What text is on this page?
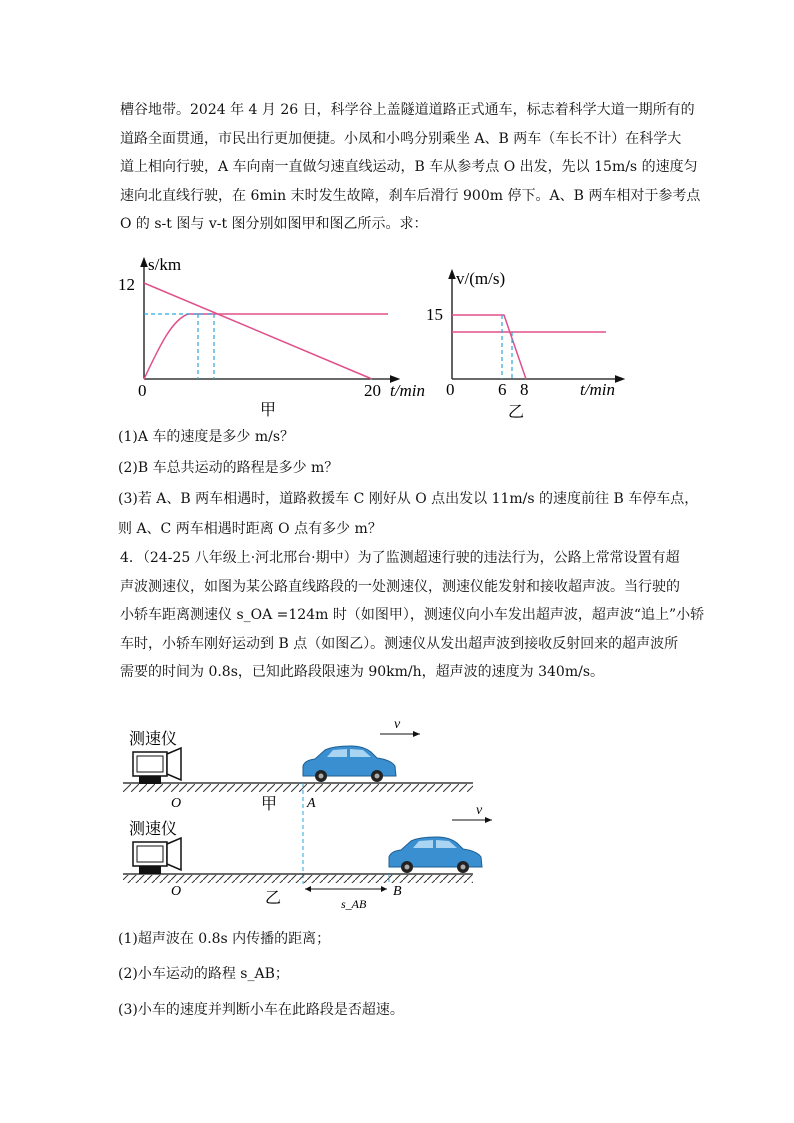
槽谷地带。2024 年 4 月 26 日，科学谷上盖隧道道路正式通车，标志着科学大道一期所有的
道路全面贯通，市民出行更加便捷。小凤和小鸣分别乘坐 A、B 两车（车长不计）在科学大
道上相向行驶，A 车向南一直做匀速直线运动，B 车从参考点 O 出发，先以 15m/s 的速度匀
速向北直线行驶，在 6min 末时发生故障，刹车后滑行 900m 停下。A、B 两车相对于参考点
O 的 s-t 图与 v-t 图分别如图甲和图乙所示。求：
s/km
12
0	20 t/min
甲
v/(m/s)
15
0	6 8	t/min
乙
(1)A 车的速度是多少 m/s？
(2)B 车总共运动的路程是多少 m？
(3)若 A、B 两车相遇时，道路救援车 C 刚好从 O 点出发以 11m/s 的速度前往 B 车停车点，
则 A、C 两车相遇时距离 O 点有多少 m？
4．（24-25 八年级上·河北邢台·期中）为了监测超速行驶的违法行为，公路上常常设置有超
声波测速仪，如图为某公路直线路段的一处测速仪，测速仪能发射和接收超声波。当行驶的
小轿车距离测速仪 s_OA =124m 时（如图甲），测速仪向小车发出超声波，超声波“追上”小轿
车时，小轿车刚好运动到 B 点（如图乙）。测速仪从发出超声波到接收反射回来的超声波所
需要的时间为 0.8s，已知此路段限速为 90km/h，超声波的速度为 340m/s。
测速仪
v
O	甲 A
测速仪
v
O	乙	B
s_AB
(1)超声波在 0.8s 内传播的距离；
(2)小车运动的路程 s_AB；
(3)小车的速度并判断小车在此路段是否超速。
